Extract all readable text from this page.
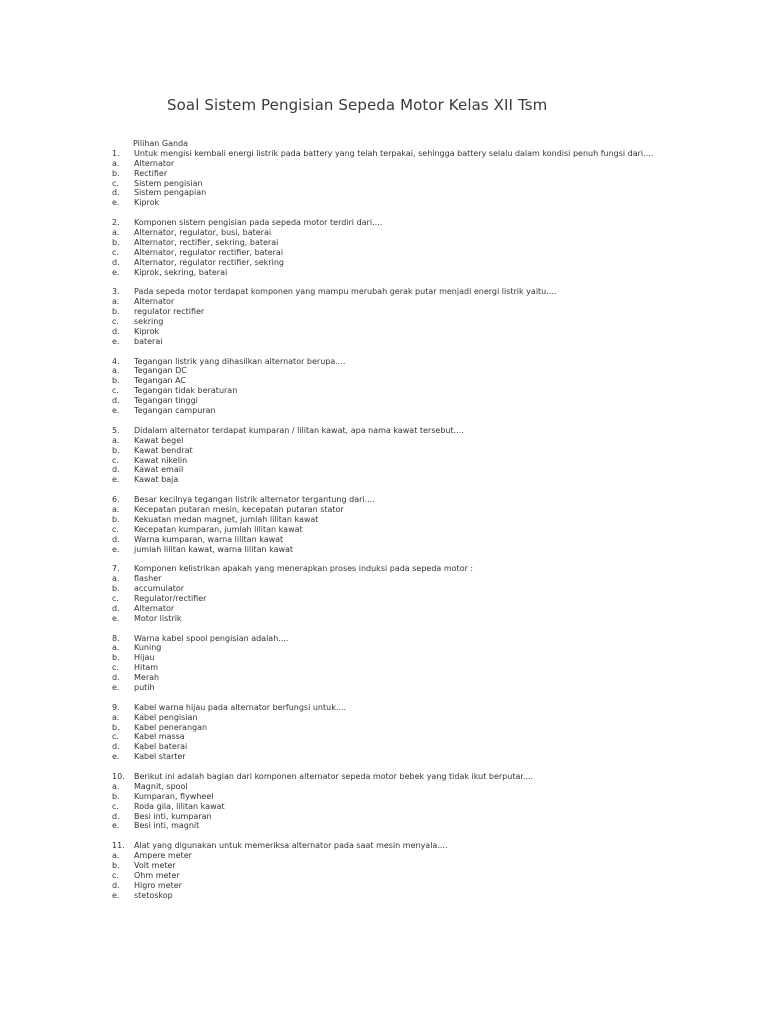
Soal Sistem Pengisian Sepeda Motor Kelas XII Tsm
Pilihan Ganda
1. Untuk mengisi kembali energi listrik pada battery yang telah terpakai, sehingga battery selalu dalam kondisi penuh fungsi dari....
a. Alternator
b. Rectifier
c. Sistem pengisian
d. Sistem pengapian
e. Kiprok
2. Komponen sistem pengisian pada sepeda motor terdiri dari....
a. Alternator, regulator, busi, baterai
b. Alternator, rectifier, sekring, baterai
c. Alternator, regulator rectifier, baterai
d. Alternator, regulator rectifier, sekring
e. Kiprok, sekring, baterai
3. Pada sepeda motor terdapat komponen yang mampu merubah gerak putar menjadi energi listrik yaitu....
a. Alternator
b. regulator rectifier
c. sekring
d. Kiprok
e. baterai
4. Tegangan listrik yang dihasilkan alternator berupa....
a. Tegangan DC
b. Tegangan AC
c. Tegangan tidak beraturan
d. Tegangan tinggi
e. Tegangan campuran
5. Didalam alternator terdapat kumparan / lilitan kawat, apa nama kawat tersebut....
a. Kawat begel
b. Kawat bendrat
c. Kawat nikelin
d. Kawat email
e. Kawat baja
6. Besar kecilnya tegangan listrik alternator tergantung dari....
a. Kecepatan putaran mesin, kecepatan putaran stator
b. Kekuatan medan magnet, jumlah lilitan kawat
c. Kecepatan kumparan, jumlah lilitan kawat
d. Warna kumparan, warna lilitan kawat
e. jumlah lilitan kawat, warna lilitan kawat
7. Komponen kelistrikan apakah yang menerapkan proses induksi pada sepeda motor :
a. flasher
b. accumulator
c. Regulator/rectifier
d. Alternator
e. Motor listrik
8. Warna kabel spool pengisian adalah....
a. Kuning
b. Hijau
c. Hitam
d. Merah
e. putih
9. Kabel warna hijau pada alternator berfungsi untuk....
a. Kabel pengisian
b. Kabel penerangan
c. Kabel massa
d. Kabel baterai
e. Kabel starter
10. Berikut ini adalah bagian dari komponen alternator sepeda motor bebek yang tidak ikut berputar....
a. Magnit, spool
b. Kumparan, flywheel
c. Roda gila, lilitan kawat
d. Besi inti, kumparan
e. Besi inti, magnit
11. Alat yang digunakan untuk memeriksa alternator pada saat mesin menyala....
a. Ampere meter
b. Volt meter
c. Ohm meter
d. Higro meter
e. stetoskop
